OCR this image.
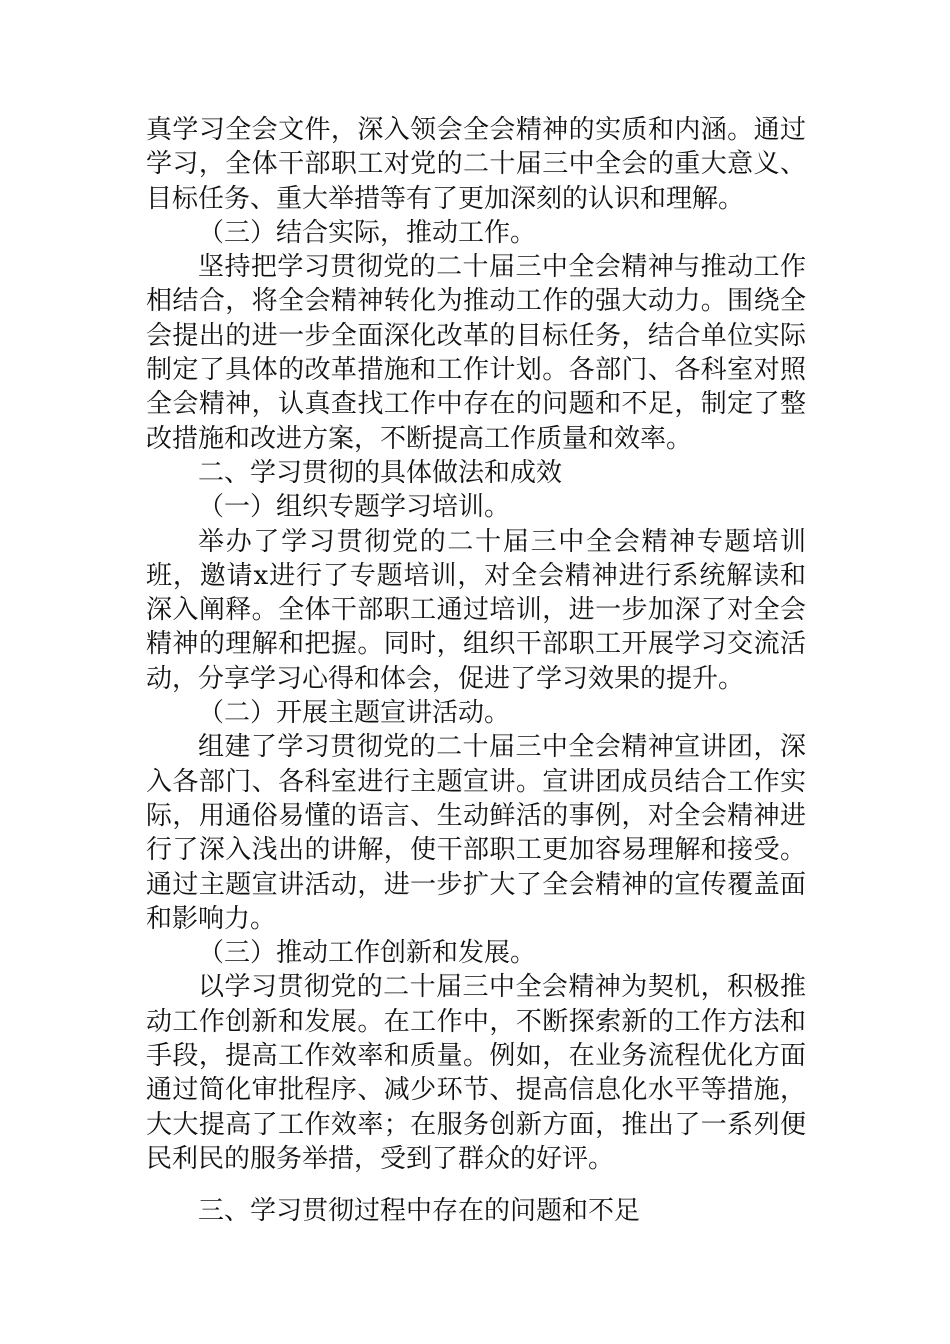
真学习全会文件，深入领会全会精神的实质和内涵。通过学习，全体干部职工对党的二十届三中全会的重大意义、目标任务、重大举措等有了更加深刻的认识和理解。

（三）结合实际，推动工作。

坚持把学习贯彻党的二十届三中全会精神与推动工作相结合，将全会精神转化为推动工作的强大动力。围绕全会提出的进一步全面深化改革的目标任务，结合单位实际制定了具体的改革措施和工作计划。各部门、各科室对照全会精神，认真查找工作中存在的问题和不足，制定了整改措施和改进方案，不断提高工作质量和效率。

二、学习贯彻的具体做法和成效

（一）组织专题学习培训。

举办了学习贯彻党的二十届三中全会精神专题培训班，邀请x进行了专题培训，对全会精神进行系统解读和深入阐释。全体干部职工通过培训，进一步加深了对全会精神的理解和把握。同时，组织干部职工开展学习交流活动，分享学习心得和体会，促进了学习效果的提升。

（二）开展主题宣讲活动。

组建了学习贯彻党的二十届三中全会精神宣讲团，深入各部门、各科室进行主题宣讲。宣讲团成员结合工作实际，用通俗易懂的语言、生动鲜活的事例，对全会精神进行了深入浅出的讲解，使干部职工更加容易理解和接受。通过主题宣讲活动，进一步扩大了全会精神的宣传覆盖面和影响力。

（三）推动工作创新和发展。

以学习贯彻党的二十届三中全会精神为契机，积极推动工作创新和发展。在工作中，不断探索新的工作方法和手段，提高工作效率和质量。例如，在业务流程优化方面通过简化审批程序、减少环节、提高信息化水平等措施，大大提高了工作效率；在服务创新方面，推出了一系列便民利民的服务举措，受到了群众的好评。

三、学习贯彻过程中存在的问题和不足
